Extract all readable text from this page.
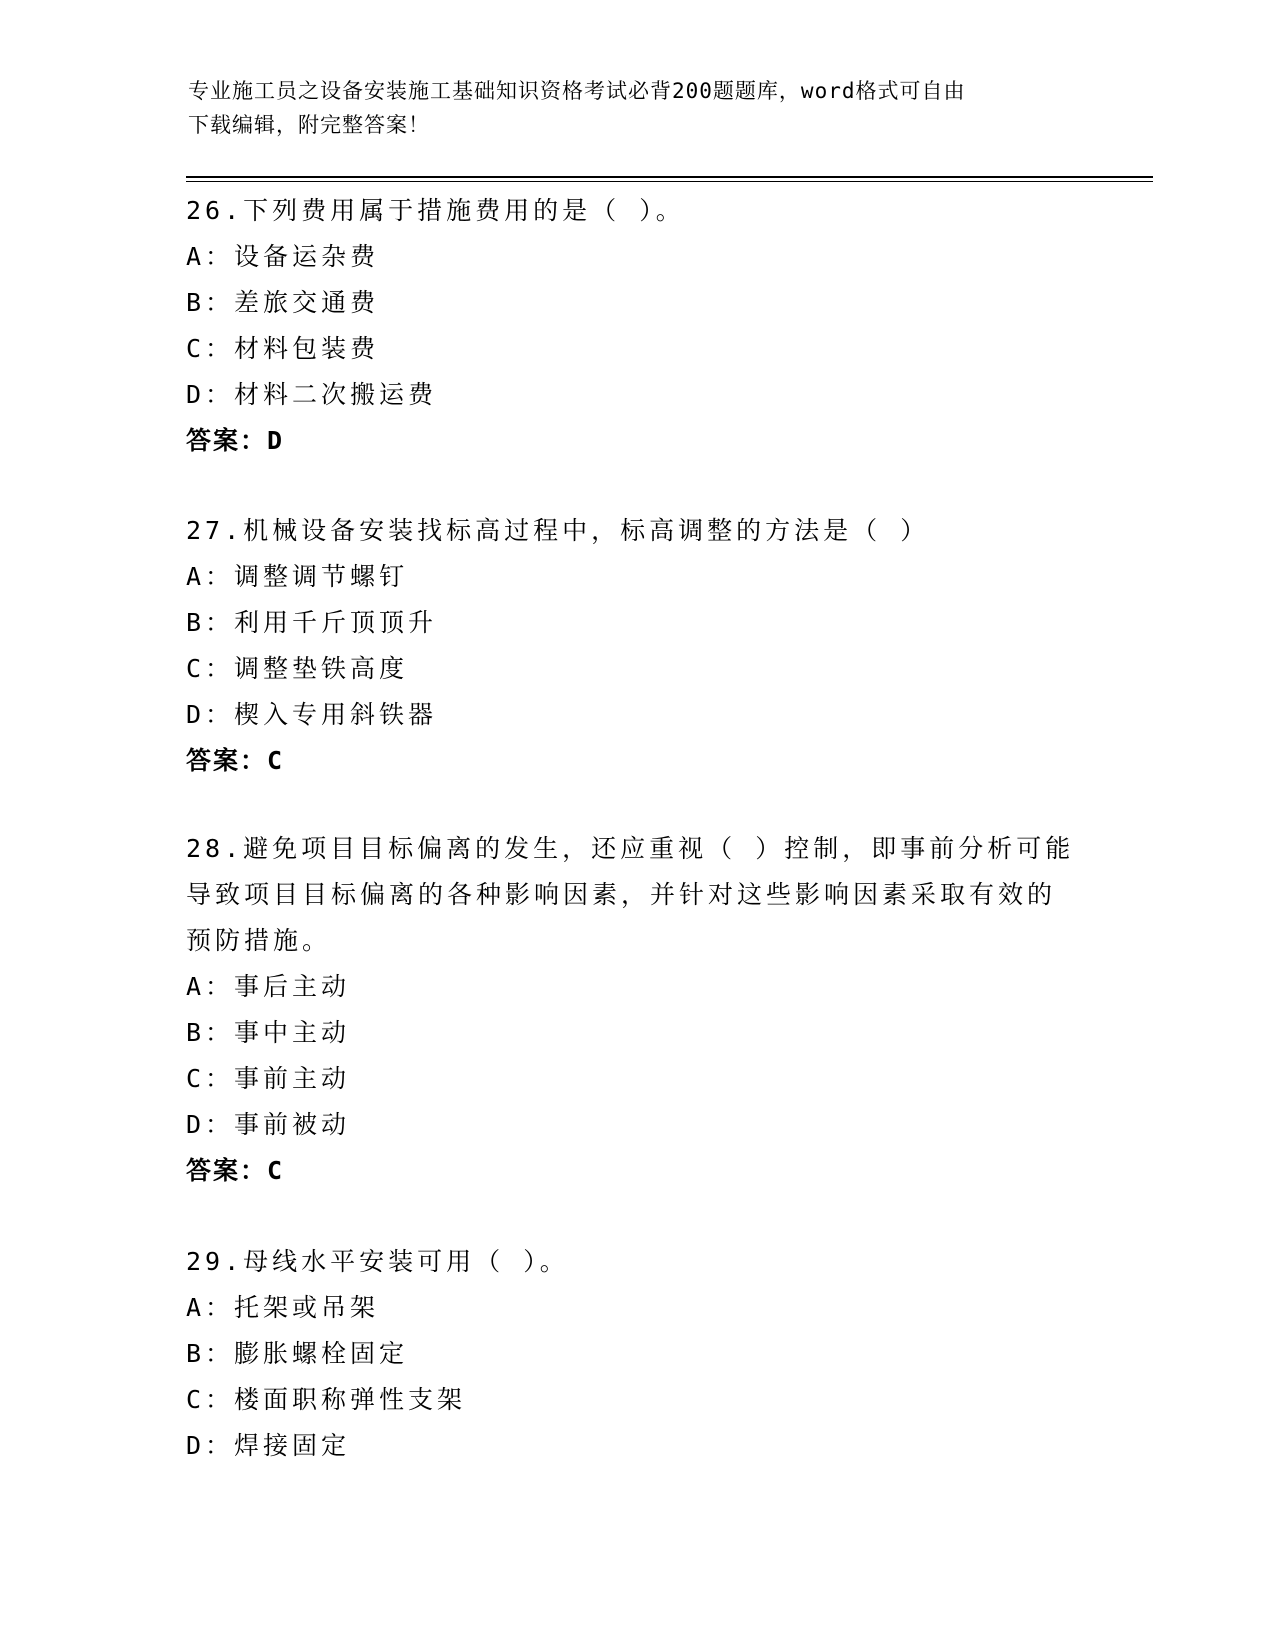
专业施工员之设备安装施工基础知识资格考试必背200题题库，word格式可自由
下载编辑，附完整答案！
26.下列费用属于措施费用的是（ ）。
A：设备运杂费
B：差旅交通费
C：材料包装费
D：材料二次搬运费
答案：D
27.机械设备安装找标高过程中，标高调整的方法是（ ）
A：调整调节螺钉
B：利用千斤顶顶升
C：调整垫铁高度
D：楔入专用斜铁器
答案：C
28.避免项目目标偏离的发生，还应重视（ ）控制，即事前分析可能
导致项目目标偏离的各种影响因素，并针对这些影响因素采取有效的
预防措施。
A：事后主动
B：事中主动
C：事前主动
D：事前被动
答案：C
29.母线水平安装可用（ ）。
A：托架或吊架
B：膨胀螺栓固定
C：楼面职称弹性支架
D：焊接固定
